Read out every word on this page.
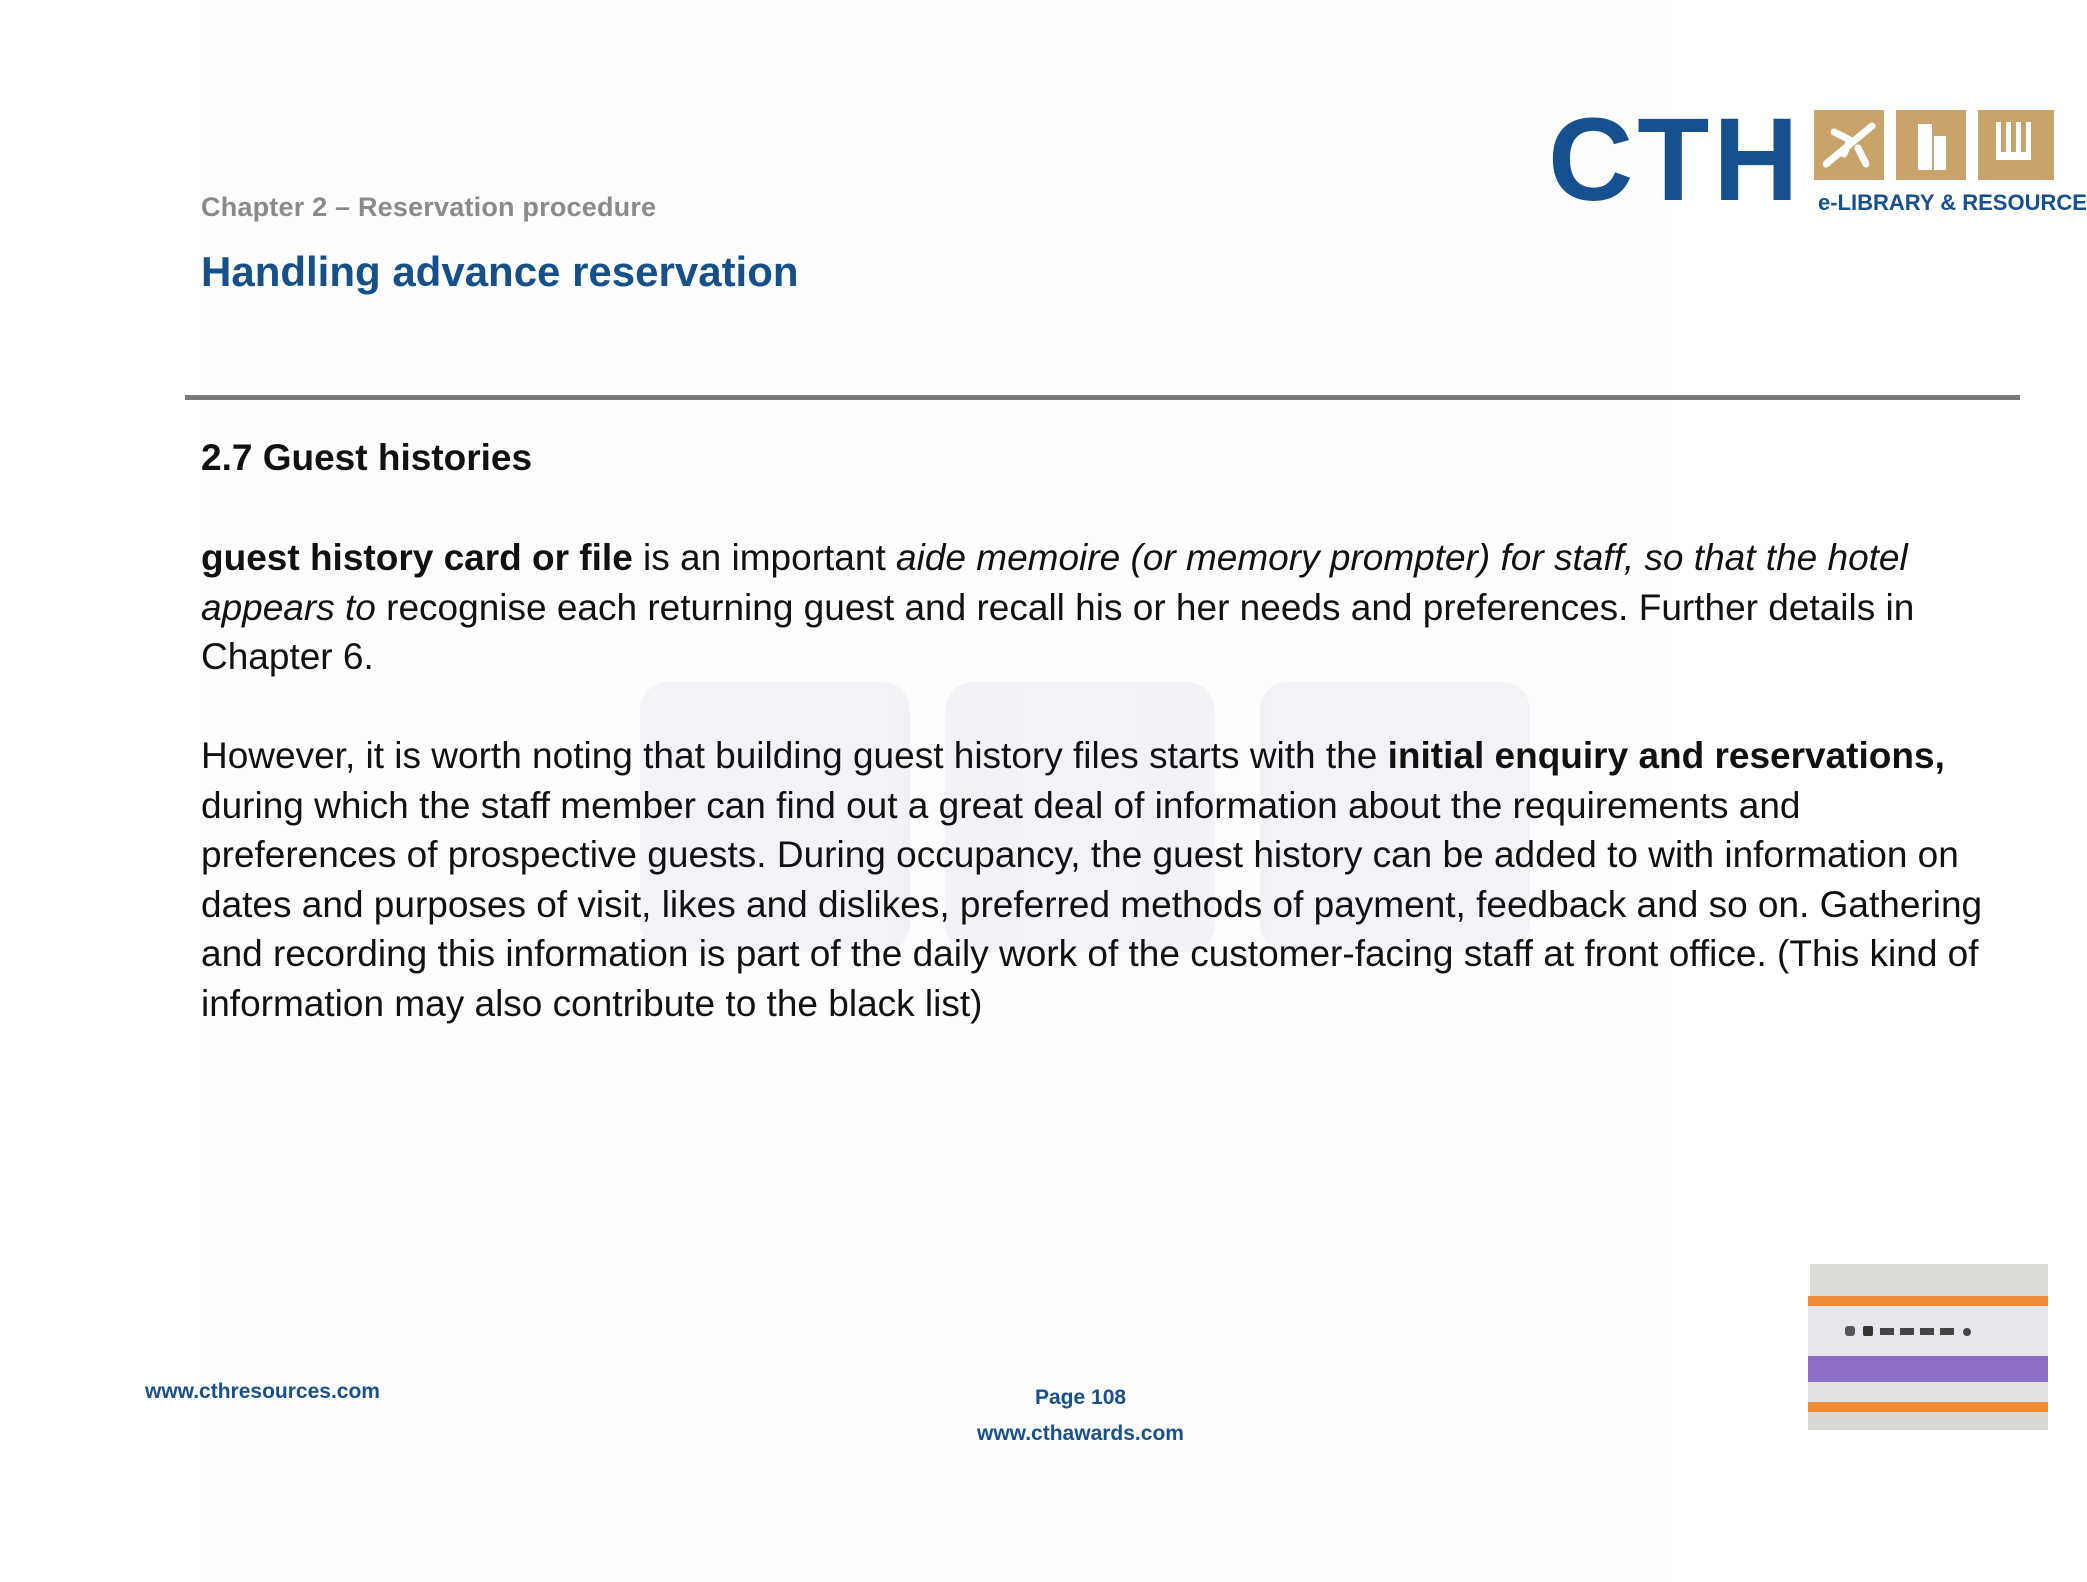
Chapter 2 – Reservation procedure
Handling advance reservation
CTH e-LIBRARY & RESOURCE
2.7 Guest histories

guest history card or file is an important aide memoire (or memory prompter) for staff, so that the hotel appears to recognise each returning guest and recall his or her needs and preferences. Further details in Chapter 6.

However, it is worth noting that building guest history files starts with the initial enquiry and reservations, during which the staff member can find out a great deal of information about the requirements and preferences of prospective guests. During occupancy, the guest history can be added to with information on dates and purposes of visit, likes and dislikes, preferred methods of payment, feedback and so on. Gathering and recording this information is part of the daily work of the customer-facing staff at front office. (This kind of information may also contribute to the black list)

www.cthresources.com	Page 108
www.cthawards.com
